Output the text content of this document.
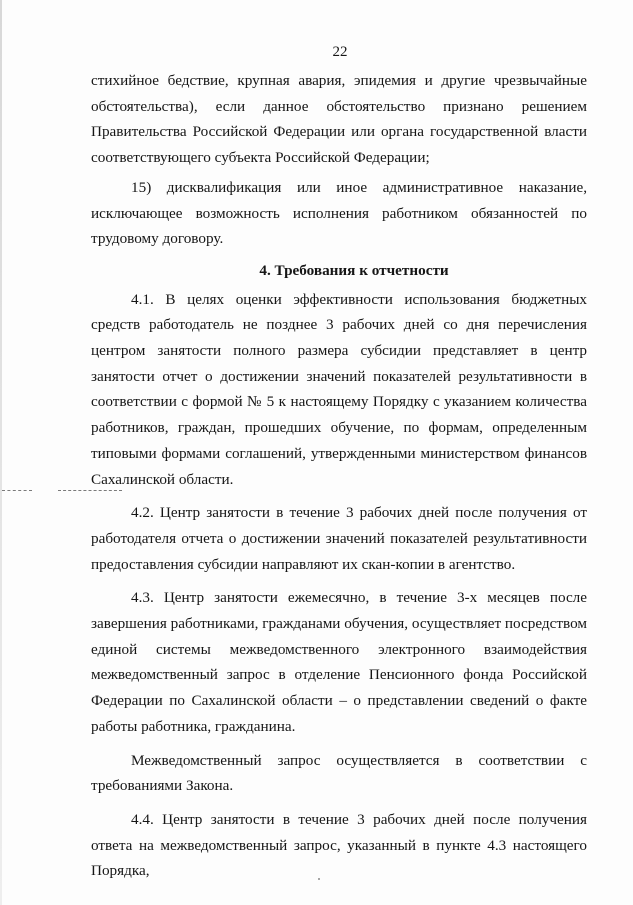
22

стихийное бедствие, крупная авария, эпидемия и другие чрезвычайные обстоятельства), если данное обстоятельство признано решением Правительства Российской Федерации или органа государственной власти соответствующего субъекта Российской Федерации;

15) дисквалификация или иное административное наказание, исключающее возможность исполнения работником обязанностей по трудовому договору.

4. Требования к отчетности

4.1. В целях оценки эффективности использования бюджетных средств работодатель не позднее 3 рабочих дней со дня перечисления центром занятости полного размера субсидии представляет в центр занятости отчет о достижении значений показателей результативности в соответствии с формой № 5 к настоящему Порядку с указанием количества работников, граждан, прошедших обучение, по формам, определенным типовыми формами соглашений, утвержденными министерством финансов Сахалинской области.

4.2. Центр занятости в течение 3 рабочих дней после получения от работодателя отчета о достижении значений показателей результативности предоставления субсидии направляют их скан-копии в агентство.

4.3. Центр занятости ежемесячно, в течение 3-х месяцев после завершения работниками, гражданами обучения, осуществляет посредством единой системы межведомственного электронного взаимодействия межведомственный запрос в отделение Пенсионного фонда Российской Федерации по Сахалинской области – о представлении сведений о факте работы работника, гражданина.

Межведомственный запрос осуществляется в соответствии с требованиями Закона.

4.4. Центр занятости в течение 3 рабочих дней после получения ответа на межведомственный запрос, указанный в пункте 4.3 настоящего Порядка,
